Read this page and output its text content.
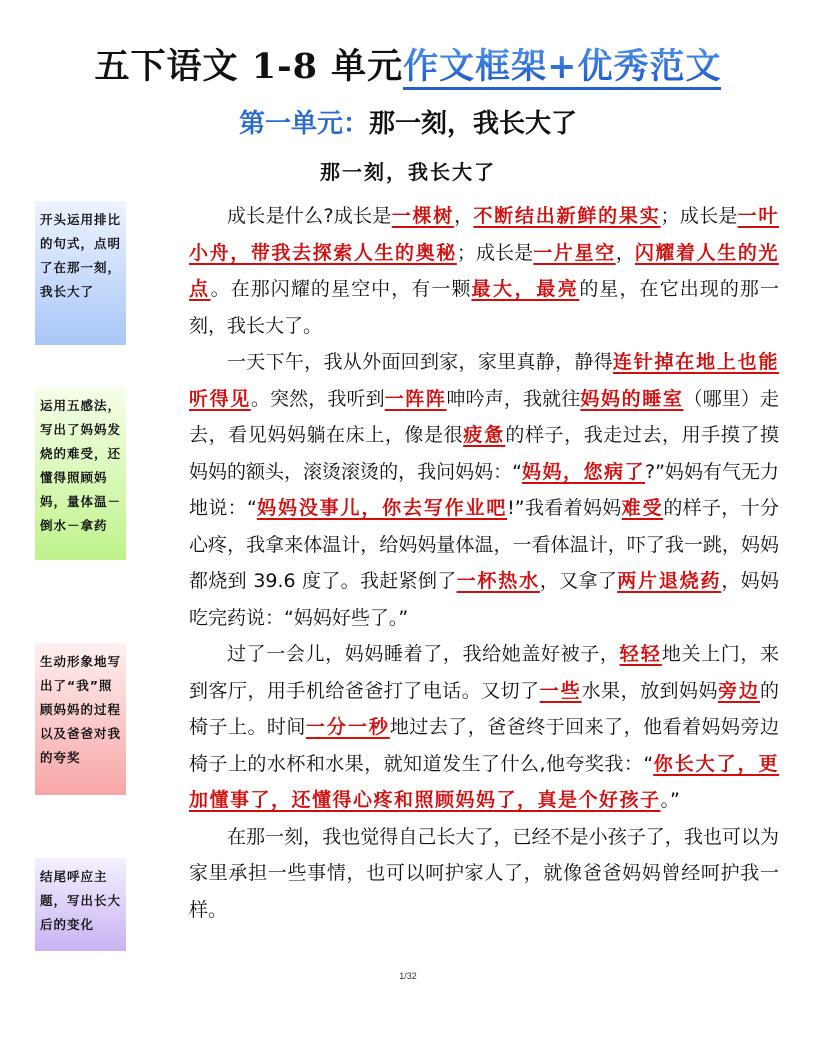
五下语文 1-8 单元作文框架+优秀范文
第一单元：那一刻，我长大了
那一刻，我长大了
开头运用排比的句式，点明了在那一刻，我长大了
运用五感法，写出了妈妈发烧的难受，还懂得照顾妈妈，量体温－倒水－拿药
生动形象地写出了“我”照顾妈妈的过程以及爸爸对我的夸奖
结尾呼应主题，写出长大后的变化

成长是什么?成长是一棵树，不断结出新鲜的果实；成长是一叶小舟，带我去探索人生的奥秘；成长是一片星空，闪耀着人生的光点。在那闪耀的星空中，有一颗最大，最亮的星，在它出现的那一刻，我长大了。

一天下午，我从外面回到家，家里真静，静得连针掉在地上也能听得见。突然，我听到一阵阵呻吟声，我就往妈妈的睡室（哪里）走去，看见妈妈躺在床上，像是很疲惫的样子，我走过去，用手摸了摸妈妈的额头，滚烫滚烫的，我问妈妈：“妈妈，您病了?”妈妈有气无力地说：“妈妈没事儿，你去写作业吧!”我看着妈妈难受的样子，十分心疼，我拿来体温计，给妈妈量体温，一看体温计，吓了我一跳，妈妈都烧到 39.6 度了。我赶紧倒了一杯热水，又拿了两片退烧药，妈妈吃完药说：“妈妈好些了。”

过了一会儿，妈妈睡着了，我给她盖好被子，轻轻地关上门，来到客厅，用手机给爸爸打了电话。又切了一些水果，放到妈妈旁边的椅子上。时间一分一秒地过去了，爸爸终于回来了，他看着妈妈旁边椅子上的水杯和水果，就知道发生了什么,他夸奖我：“你长大了，更加懂事了，还懂得心疼和照顾妈妈了，真是个好孩子。”

在那一刻，我也觉得自己长大了，已经不是小孩子了，我也可以为家里承担一些事情，也可以呵护家人了，就像爸爸妈妈曾经呵护我一样。

1/32
